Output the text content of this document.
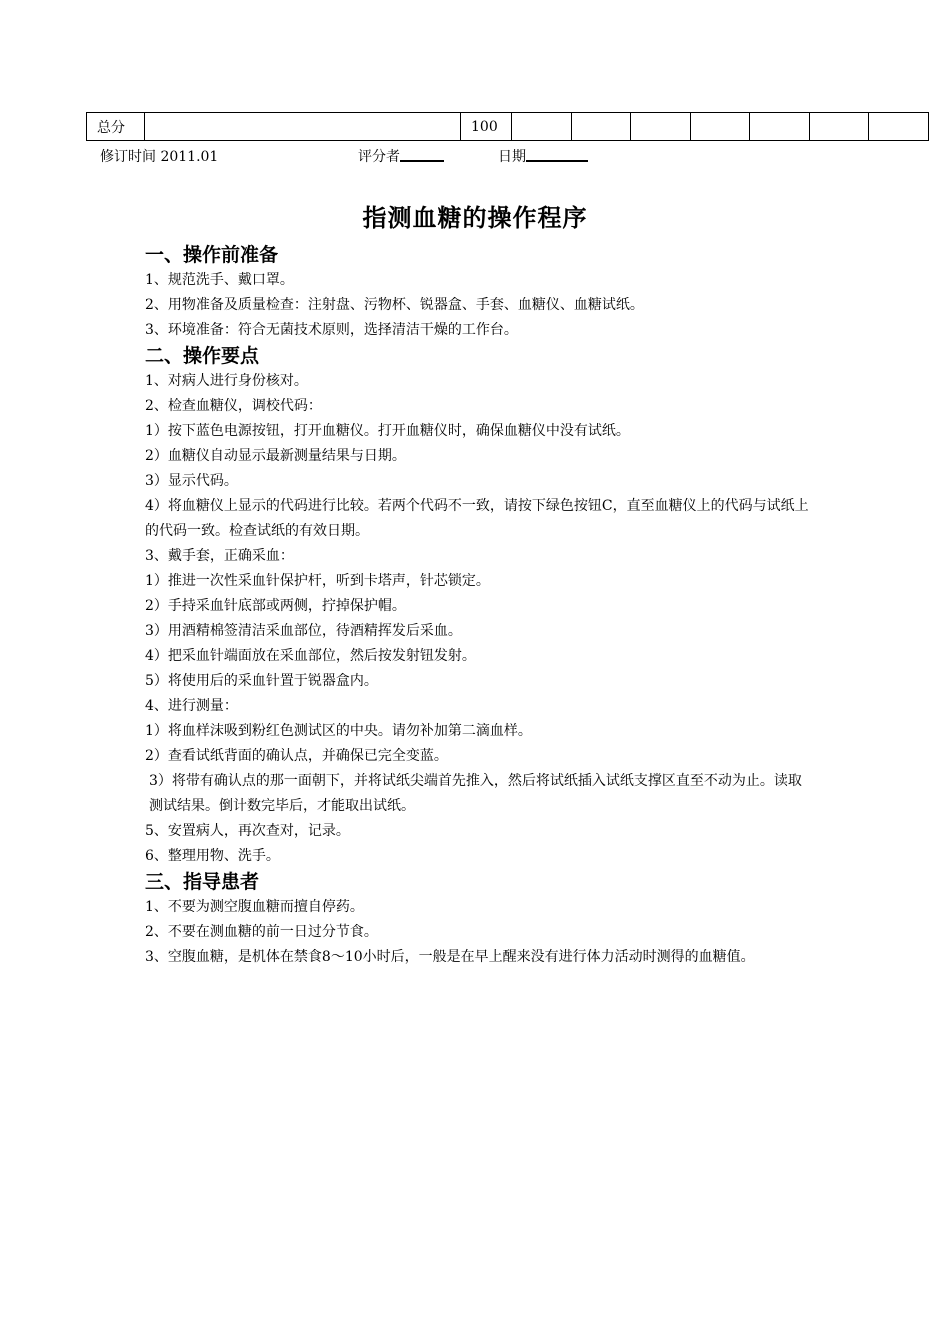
总分		100							
修订时间 2011.01	评分者	日期
指测血糖的操作程序
一、操作前准备
1、规范洗手、戴口罩。
2、用物准备及质量检查：注射盘、污物杯、锐器盒、手套、血糖仪、血糖试纸。
3、环境准备：符合无菌技术原则，选择清洁干燥的工作台。
二、操作要点
1、对病人进行身份核对。
2、检查血糖仪，调校代码：
1）按下蓝色电源按钮，打开血糖仪。打开血糖仪时，确保血糖仪中没有试纸。
2）血糖仪自动显示最新测量结果与日期。
3）显示代码。
4）将血糖仪上显示的代码进行比较。若两个代码不一致，请按下绿色按钮C，直至血糖仪上的代码与试纸上的代码一致。检查试纸的有效日期。
3、戴手套，正确采血：
1）推进一次性采血针保护杆，听到卡塔声，针芯锁定。
2）手持采血针底部或两侧，拧掉保护帽。
3）用酒精棉签清洁采血部位，待酒精挥发后采血。
4）把采血针端面放在采血部位，然后按发射钮发射。
5）将使用后的采血针置于锐器盒内。
4、进行测量：
1）将血样沫吸到粉红色测试区的中央。请勿补加第二滴血样。
2）查看试纸背面的确认点，并确保已完全变蓝。
3）将带有确认点的那一面朝下，并将试纸尖端首先推入，然后将试纸插入试纸支撑区直至不动为止。读取测试结果。倒计数完毕后，才能取出试纸。
5、安置病人，再次查对，记录。
6、整理用物、洗手。
三、指导患者
1、不要为测空腹血糖而擅自停药。
2、不要在测血糖的前一日过分节食。
3、空腹血糖，是机体在禁食8～10小时后，一般是在早上醒来没有进行体力活动时测得的血糖值。
